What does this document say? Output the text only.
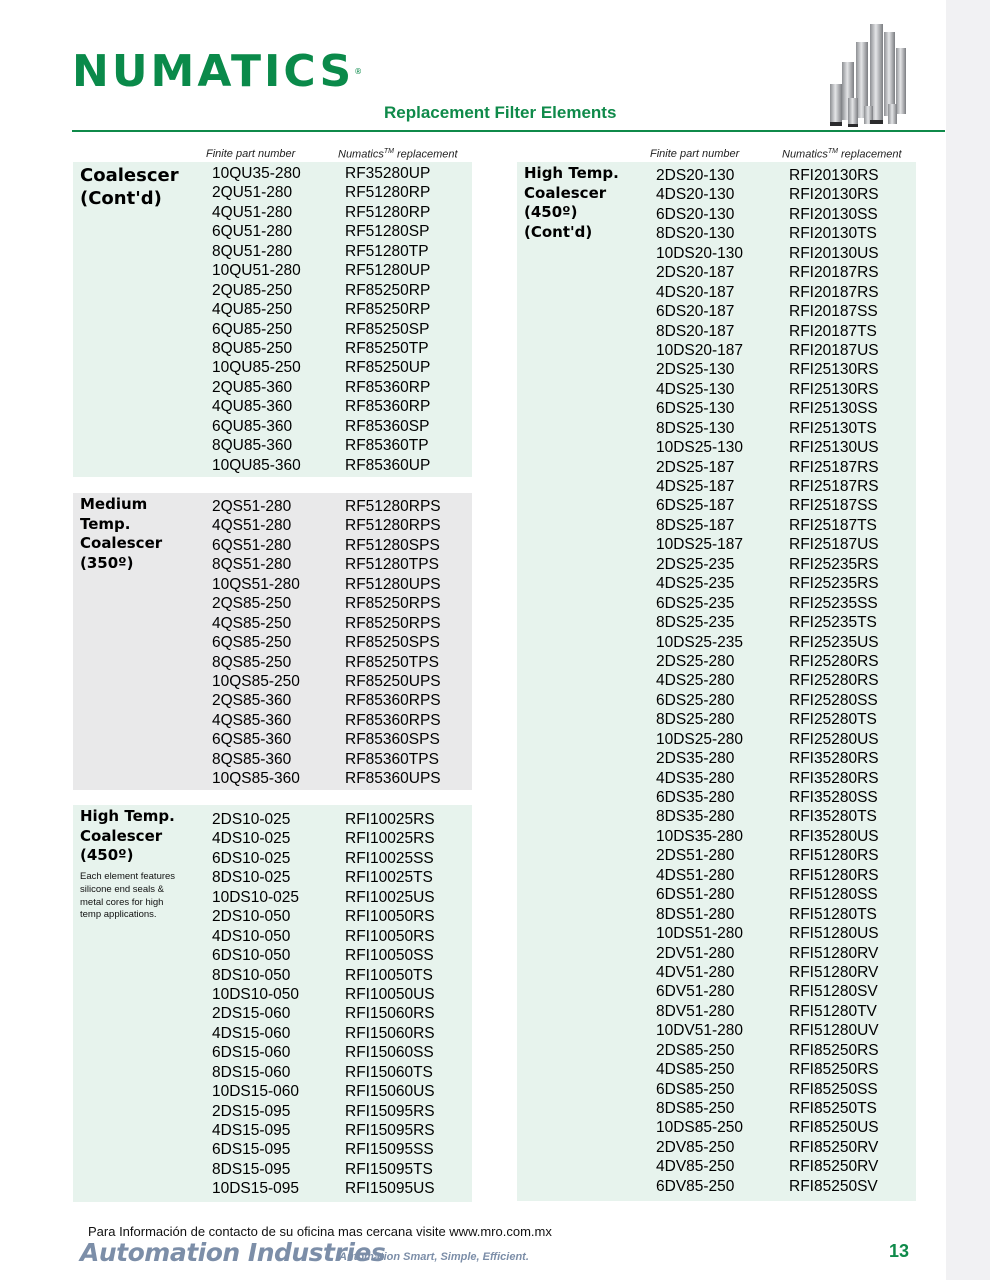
NUMATICS®
Replacement Filter Elements
Finite part number	Numatics™ replacement	Finite part number	Numatics™ replacement
Coalescer
(Cont'd)
10QU35-280	RF35280UP
2QU51-280	RF51280RP
4QU51-280	RF51280RP
6QU51-280	RF51280SP
8QU51-280	RF51280TP
10QU51-280	RF51280UP
2QU85-250	RF85250RP
4QU85-250	RF85250RP
6QU85-250	RF85250SP
8QU85-250	RF85250TP
10QU85-250	RF85250UP
2QU85-360	RF85360RP
4QU85-360	RF85360RP
6QU85-360	RF85360SP
8QU85-360	RF85360TP
10QU85-360	RF85360UP
Medium
Temp.
Coalescer
(350º)
2QS51-280	RF51280RPS
4QS51-280	RF51280RPS
6QS51-280	RF51280SPS
8QS51-280	RF51280TPS
10QS51-280	RF51280UPS
2QS85-250	RF85250RPS
4QS85-250	RF85250RPS
6QS85-250	RF85250SPS
8QS85-250	RF85250TPS
10QS85-250	RF85250UPS
2QS85-360	RF85360RPS
4QS85-360	RF85360RPS
6QS85-360	RF85360SPS
8QS85-360	RF85360TPS
10QS85-360	RF85360UPS
High Temp.
Coalescer
(450º)
Each element features
silicone end seals &
metal cores for high
temp applications.
2DS10-025	RFI10025RS
4DS10-025	RFI10025RS
6DS10-025	RFI10025SS
8DS10-025	RFI10025TS
10DS10-025	RFI10025US
2DS10-050	RFI10050RS
4DS10-050	RFI10050RS
6DS10-050	RFI10050SS
8DS10-050	RFI10050TS
10DS10-050	RFI10050US
2DS15-060	RFI15060RS
4DS15-060	RFI15060RS
6DS15-060	RFI15060SS
8DS15-060	RFI15060TS
10DS15-060	RFI15060US
2DS15-095	RFI15095RS
4DS15-095	RFI15095RS
6DS15-095	RFI15095SS
8DS15-095	RFI15095TS
10DS15-095	RFI15095US
High Temp.
Coalescer
(450º)
(Cont'd)
2DS20-130	RFI20130RS
4DS20-130	RFI20130RS
6DS20-130	RFI20130SS
8DS20-130	RFI20130TS
10DS20-130	RFI20130US
2DS20-187	RFI20187RS
4DS20-187	RFI20187RS
6DS20-187	RFI20187SS
8DS20-187	RFI20187TS
10DS20-187	RFI20187US
2DS25-130	RFI25130RS
4DS25-130	RFI25130RS
6DS25-130	RFI25130SS
8DS25-130	RFI25130TS
10DS25-130	RFI25130US
2DS25-187	RFI25187RS
4DS25-187	RFI25187RS
6DS25-187	RFI25187SS
8DS25-187	RFI25187TS
10DS25-187	RFI25187US
2DS25-235	RFI25235RS
4DS25-235	RFI25235RS
6DS25-235	RFI25235SS
8DS25-235	RFI25235TS
10DS25-235	RFI25235US
2DS25-280	RFI25280RS
4DS25-280	RFI25280RS
6DS25-280	RFI25280SS
8DS25-280	RFI25280TS
10DS25-280	RFI25280US
2DS35-280	RFI35280RS
4DS35-280	RFI35280RS
6DS35-280	RFI35280SS
8DS35-280	RFI35280TS
10DS35-280	RFI35280US
2DS51-280	RFI51280RS
4DS51-280	RFI51280RS
6DS51-280	RFI51280SS
8DS51-280	RFI51280TS
10DS51-280	RFI51280US
2DV51-280	RFI51280RV
4DV51-280	RFI51280RV
6DV51-280	RFI51280SV
8DV51-280	RFI51280TV
10DV51-280	RFI51280UV
2DS85-250	RFI85250RS
4DS85-250	RFI85250RS
6DS85-250	RFI85250SS
8DS85-250	RFI85250TS
10DS85-250	RFI85250US
2DV85-250	RFI85250RV
4DV85-250	RFI85250RV
6DV85-250	RFI85250SV
Para Información de contacto de su oficina mas cercana visite www.mro.com.mx
Automation Industries
Automation Smart, Simple, Efficient.	13
